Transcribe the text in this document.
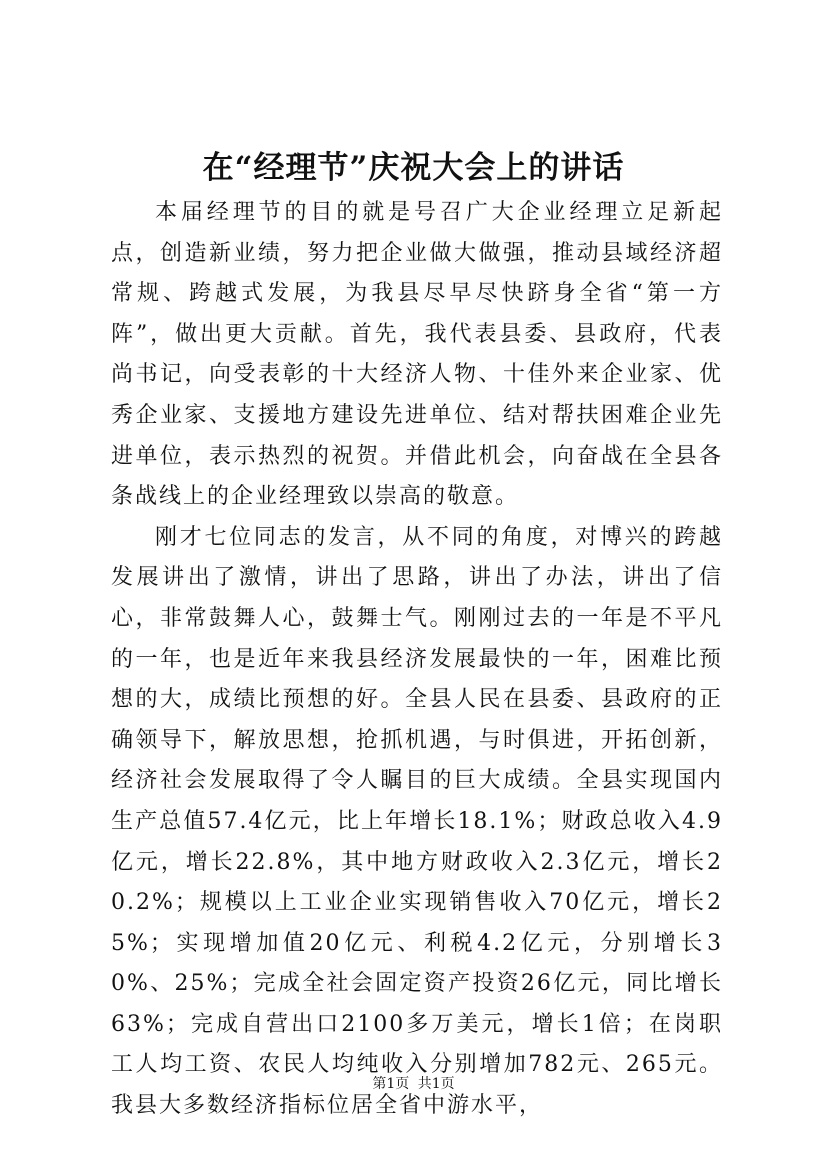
在“经理节”庆祝大会上的讲话

本届经理节的目的就是号召广大企业经理立足新起点，创造新业绩，努力把企业做大做强，推动县域经济超常规、跨越式发展，为我县尽早尽快跻身全省“第一方阵”，做出更大贡献。首先，我代表县委、县政府，代表尚书记，向受表彰的十大经济人物、十佳外来企业家、优秀企业家、支援地方建设先进单位、结对帮扶困难企业先进单位，表示热烈的祝贺。并借此机会，向奋战在全县各条战线上的企业经理致以崇高的敬意。

刚才七位同志的发言，从不同的角度，对博兴的跨越发展讲出了激情，讲出了思路，讲出了办法，讲出了信心，非常鼓舞人心，鼓舞士气。刚刚过去的一年是不平凡的一年，也是近年来我县经济发展最快的一年，困难比预想的大，成绩比预想的好。全县人民在县委、县政府的正确领导下，解放思想，抢抓机遇，与时俱进，开拓创新，经济社会发展取得了令人瞩目的巨大成绩。全县实现国内生产总值57.4亿元，比上年增长18.1%；财政总收入4.9亿元，增长22.8%，其中地方财政收入2.3亿元，增长20.2%；规模以上工业企业实现销售收入70亿元，增长25%；实现增加值20亿元、利税4.2亿元，分别增长30%、25%；完成全社会固定资产投资26亿元，同比增长63%；完成自营出口2100多万美元，增长1倍；在岗职工人均工资、农民人均纯收入分别增加782元、265元。我县大多数经济指标位居全省中游水平，

第1页 共1页
